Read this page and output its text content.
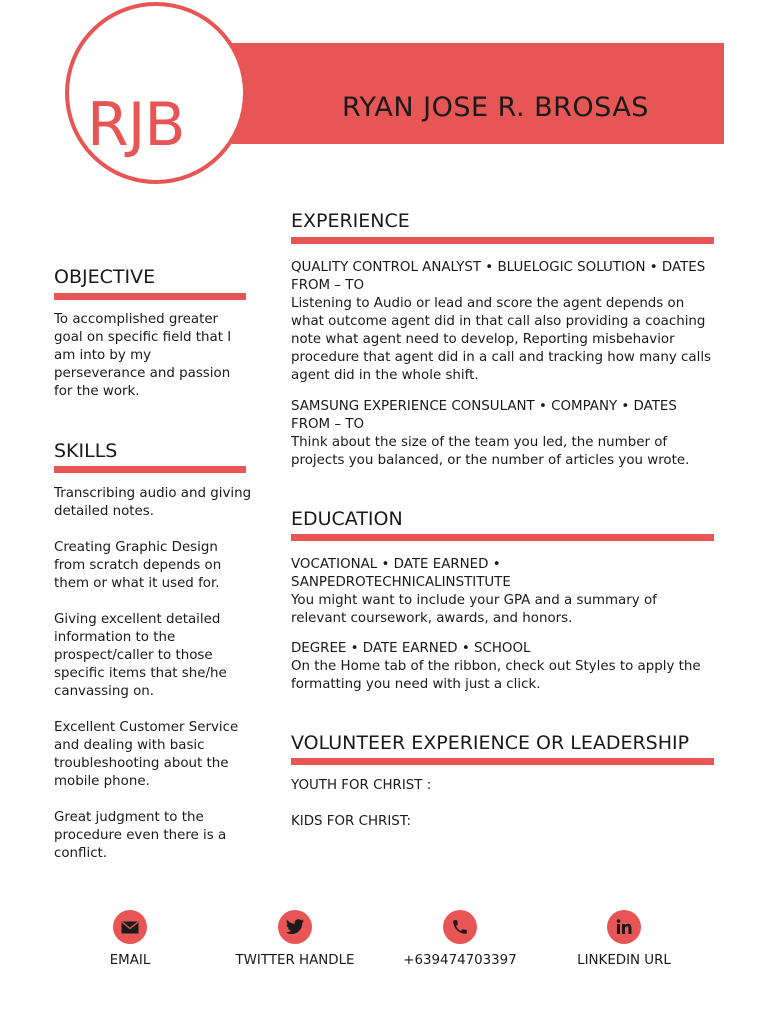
RYAN JOSE R. BROSAS
RJB
OBJECTIVE
To accomplished greater goal on specific field that I am into by my perseverance and passion for the work.
SKILLS

Transcribing audio and giving detailed notes.

Creating Graphic Design from scratch depends on them or what it used for.

Giving excellent detailed information to the prospect/caller to those specific items that she/he canvassing on.

Excellent Customer Service and dealing with basic troubleshooting about the mobile phone.

Great judgment to the procedure even there is a conflict.

EXPERIENCE

QUALITY CONTROL ANALYST • BLUELOGIC SOLUTION • DATES FROM – TO

Listening to Audio or lead and score the agent depends on what outcome agent did in that call also providing a coaching note what agent need to develop, Reporting misbehavior procedure that agent did in a call and tracking how many calls agent did in the whole shift.

SAMSUNG EXPERIENCE CONSULANT • COMPANY • DATES FROM – TO

Think about the size of the team you led, the number of projects you balanced, or the number of articles you wrote.

EDUCATION

VOCATIONAL • DATE EARNED • SANPEDROTECHNICALINSTITUTE

You might want to include your GPA and a summary of relevant coursework, awards, and honors.

DEGREE • DATE EARNED • SCHOOL

On the Home tab of the ribbon, check out Styles to apply the formatting you need with just a click.

VOLUNTEER EXPERIENCE OR LEADERSHIP
YOUTH FOR CHRIST :
KIDS FOR CHRIST:
EMAIL	TWITTER HANDLE	+639474703397	LINKEDIN URL
